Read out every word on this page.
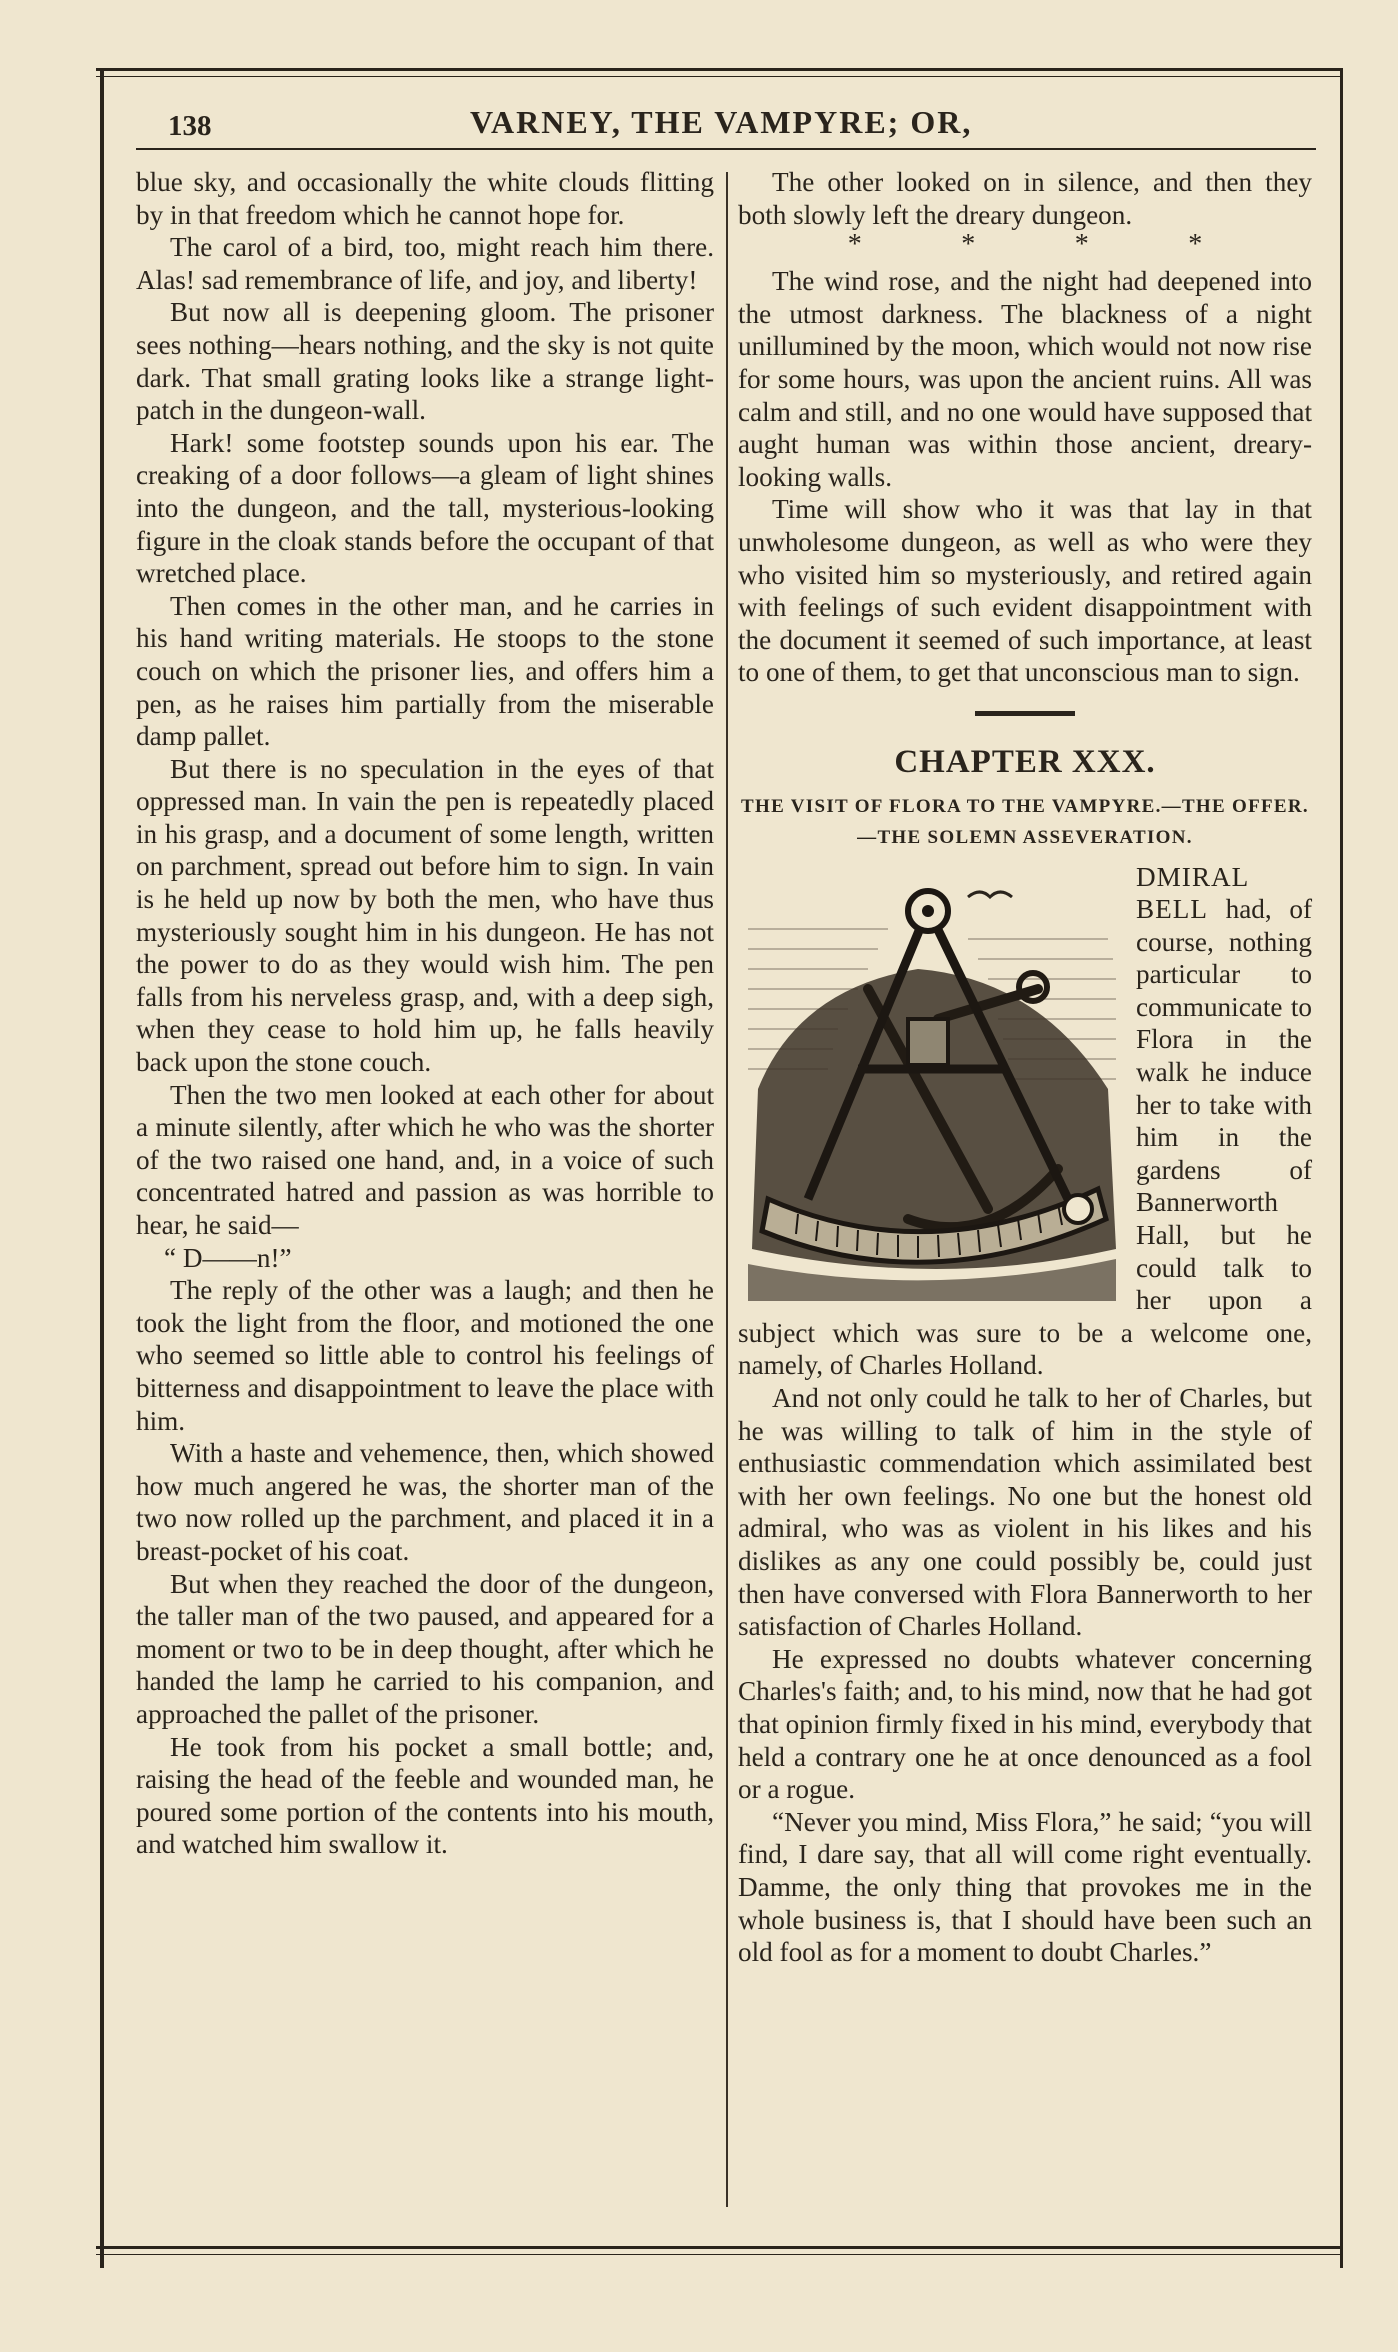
138	VARNEY, THE VAMPYRE; OR,

blue sky, and occasionally the white clouds flitting by in that freedom which he cannot hope for.

The carol of a bird, too, might reach him there. Alas! sad remembrance of life, and joy, and liberty!

But now all is deepening gloom. The prisoner sees nothing—hears nothing, and the sky is not quite dark. That small grating looks like a strange light-patch in the dungeon-wall.

Hark! some footstep sounds upon his ear. The creaking of a door follows—a gleam of light shines into the dungeon, and the tall, mysterious-looking figure in the cloak stands before the occupant of that wretched place.

Then comes in the other man, and he carries in his hand writing materials. He stoops to the stone couch on which the prisoner lies, and offers him a pen, as he raises him partially from the miserable damp pallet.

But there is no speculation in the eyes of that oppressed man. In vain the pen is repeatedly placed in his grasp, and a document of some length, written on parchment, spread out before him to sign. In vain is he held up now by both the men, who have thus mysteriously sought him in his dungeon. He has not the power to do as they would wish him. The pen falls from his nerveless grasp, and, with a deep sigh, when they cease to hold him up, he falls heavily back upon the stone couch.

Then the two men looked at each other for about a minute silently, after which he who was the shorter of the two raised one hand, and, in a voice of such concentrated hatred and passion as was horrible to hear, he said—

“ D——n!”

The reply of the other was a laugh; and then he took the light from the floor, and motioned the one who seemed so little able to control his feelings of bitterness and disappointment to leave the place with him.

With a haste and vehemence, then, which showed how much angered he was, the shorter man of the two now rolled up the parchment, and placed it in a breast-pocket of his coat.

But when they reached the door of the dungeon, the taller man of the two paused, and appeared for a moment or two to be in deep thought, after which he handed the lamp he carried to his companion, and approached the pallet of the prisoner.

He took from his pocket a small bottle; and, raising the head of the feeble and wounded man, he poured some portion of the contents into his mouth, and watched him swallow it.

The other looked on in silence, and then they both slowly left the dreary dungeon.

*	*	*	*

The wind rose, and the night had deepened into the utmost darkness. The blackness of a night unillumined by the moon, which would not now rise for some hours, was upon the ancient ruins. All was calm and still, and no one would have supposed that aught human was within those ancient, dreary-looking walls.

Time will show who it was that lay in that unwholesome dungeon, as well as who were they who visited him so mysteriously, and retired again with feelings of such evident disappointment with the document it seemed of such importance, at least to one of them, to get that unconscious man to sign.

CHAPTER XXX.
THE VISIT OF FLORA TO THE VAMPYRE.—THE OFFER.—THE SOLEMN ASSEVERATION.

DMIRAL BELL had, of course, nothing particular to communicate to Flora in the walk he induce her to take with him in the gardens of Bannerworth Hall, but he could talk to her upon a subject which was sure to be a welcome one, namely, of Charles Holland.

And not only could he talk to her of Charles, but he was willing to talk of him in the style of enthusiastic commendation which assimilated best with her own feelings. No one but the honest old admiral, who was as violent in his likes and his dislikes as any one could possibly be, could just then have conversed with Flora Bannerworth to her satisfaction of Charles Holland.

He expressed no doubts whatever concerning Charles's faith; and, to his mind, now that he had got that opinion firmly fixed in his mind, everybody that held a contrary one he at once denounced as a fool or a rogue.

“Never you mind, Miss Flora,” he said; “you will find, I dare say, that all will come right eventually. Damme, the only thing that provokes me in the whole business is, that I should have been such an old fool as for a moment to doubt Charles.”
